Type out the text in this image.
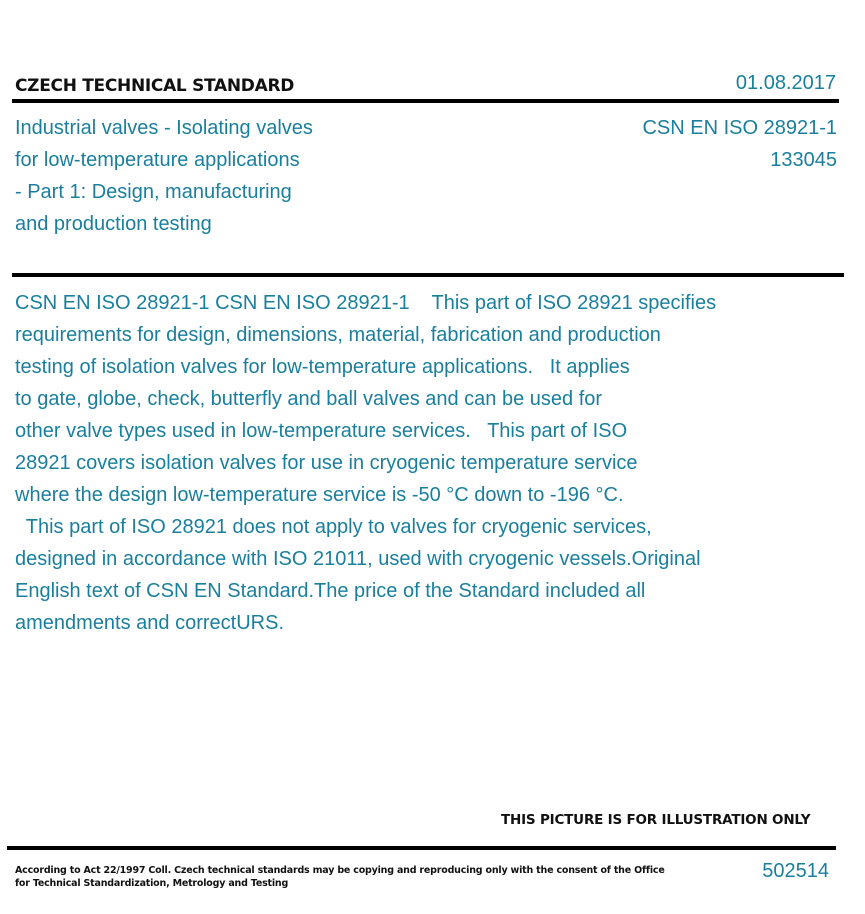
CZECH TECHNICAL STANDARD	01.08.2017
Industrial valves - Isolating valves
for low-temperature applications
- Part 1: Design, manufacturing
and production testing
CSN EN ISO 28921-1
133045
CSN EN ISO 28921-1 CSN EN ISO 28921-1    This part of ISO 28921 specifies
requirements for design, dimensions, material, fabrication and production
testing of isolation valves for low-temperature applications.   It applies
to gate, globe, check, butterfly and ball valves and can be used for
other valve types used in low-temperature services.   This part of ISO
28921 covers isolation valves for use in cryogenic temperature service
where the design low-temperature service is -50 °C down to -196 °C.
This part of ISO 28921 does not apply to valves for cryogenic services,
designed in accordance with ISO 21011, used with cryogenic vessels.Original
English text of CSN EN Standard.The price of the Standard included all
amendments and correctURS.
THIS PICTURE IS FOR ILLUSTRATION ONLY
According to Act 22/1997 Coll. Czech technical standards may be copying and reproducing only with the consent of the Office
for Technical Standardization, Metrology and Testing
502514
